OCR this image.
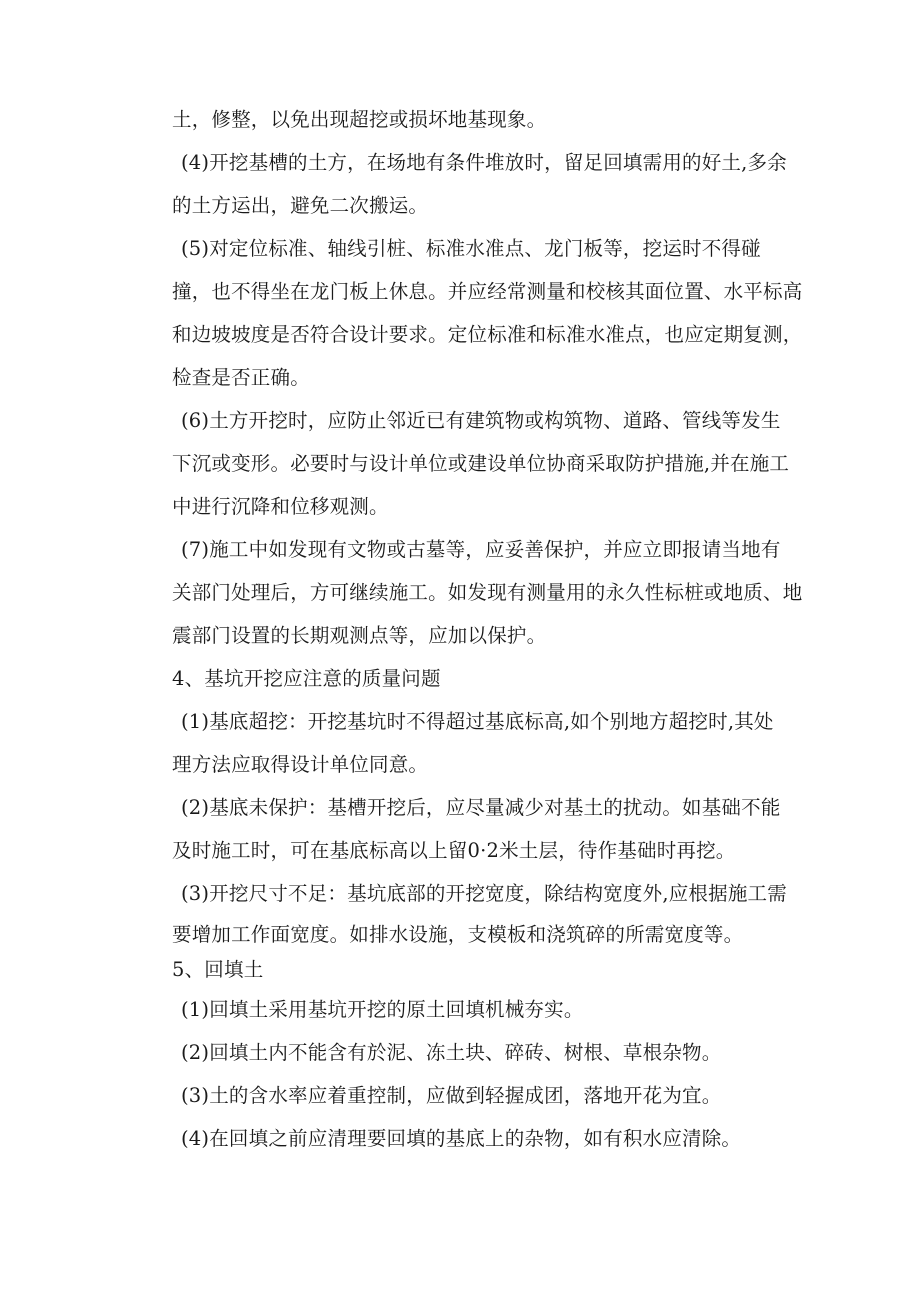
土，修整，以免出现超挖或损坏地基现象。
(4)开挖基槽的土方，在场地有条件堆放时，留足回填需用的好土,多余
的土方运出，避免二次搬运。
(5)对定位标准、轴线引桩、标准水准点、龙门板等，挖运时不得碰
撞，也不得坐在龙门板上休息。并应经常测量和校核其面位置、水平标高
和边坡坡度是否符合设计要求。定位标准和标准水准点，也应定期复测，
检查是否正确。
(6)土方开挖时，应防止邻近已有建筑物或构筑物、道路、管线等发生
下沉或变形。必要时与设计单位或建设单位协商采取防护措施,并在施工
中进行沉降和位移观测。
(7)施工中如发现有文物或古墓等，应妥善保护，并应立即报请当地有
关部门处理后，方可继续施工。如发现有测量用的永久性标桩或地质、地
震部门设置的长期观测点等，应加以保护。
4、基坑开挖应注意的质量问题
(1)基底超挖：开挖基坑时不得超过基底标高,如个别地方超挖时,其处
理方法应取得设计单位同意。
(2)基底未保护：基槽开挖后，应尽量减少对基土的扰动。如基础不能
及时施工时，可在基底标高以上留0·2米土层，待作基础时再挖。
(3)开挖尺寸不足：基坑底部的开挖宽度，除结构宽度外,应根据施工需
要增加工作面宽度。如排水设施，支模板和浇筑碎的所需宽度等。
5、回填土
(1)回填土采用基坑开挖的原土回填机械夯实。
(2)回填土内不能含有於泥、冻土块、碎砖、树根、草根杂物。
(3)土的含水率应着重控制，应做到轻握成团，落地开花为宜。
(4)在回填之前应清理要回填的基底上的杂物，如有积水应清除。
